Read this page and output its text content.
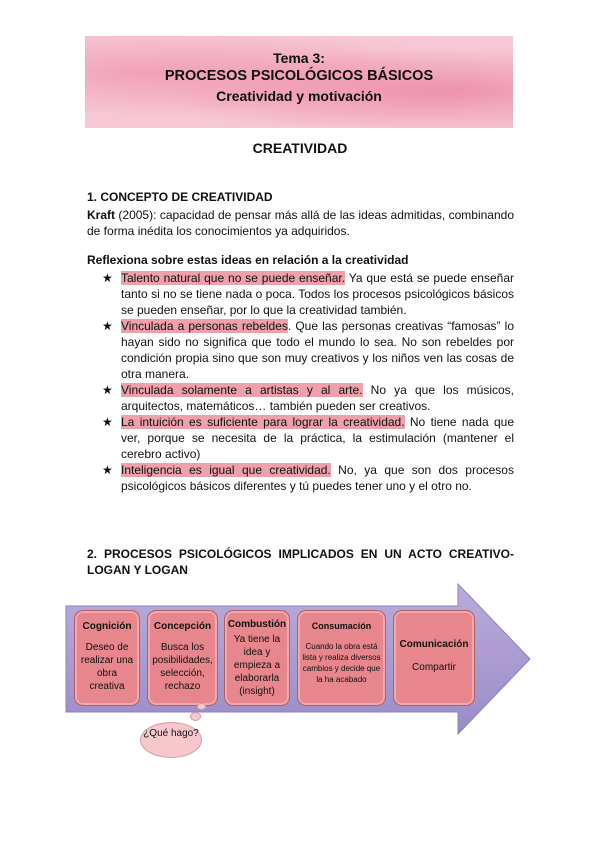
Tema 3:
PROCESOS PSICOLÓGICOS BÁSICOS
Creatividad y motivación
CREATIVIDAD
1. CONCEPTO DE CREATIVIDAD
Kraft (2005): capacidad de pensar más allá de las ideas admitidas, combinando de forma inédita los conocimientos ya adquiridos.
Reflexiona sobre estas ideas en relación a la creatividad
★ Talento natural que no se puede enseñar. Ya que está se puede enseñar tanto si no se tiene nada o poca. Todos los procesos psicológicos básicos se pueden enseñar, por lo que la creatividad también.
★ Vinculada a personas rebeldes. Que las personas creativas “famosas” lo hayan sido no significa que todo el mundo lo sea. No son rebeldes por condición propia sino que son muy creativos y los niños ven las cosas de otra manera.
★ Vinculada solamente a artistas y al arte. No ya que los músicos, arquitectos, matemáticos… también pueden ser creativos.
★ La intuición es suficiente para lograr la creatividad. No tiene nada que ver, porque se necesita de la práctica, la estimulación (mantener el cerebro activo)
★ Inteligencia es igual que creatividad. No, ya que son dos procesos psicológicos básicos diferentes y tú puedes tener uno y el otro no.
2. PROCESOS PSICOLÓGICOS IMPLICADOS EN UN ACTO CREATIVO- LOGAN Y LOGAN
Cognición
Deseo de realizar una obra creativa
Concepción
Busca los posibilidades, selección, rechazo
Combustión
Ya tiene la idea y empieza a elaborarla (insight)
Consumación
Cuando la obra está lista y realiza diversos cambios y decide que la ha acabado
Comunicación
Compartir
¿Qué hago?
